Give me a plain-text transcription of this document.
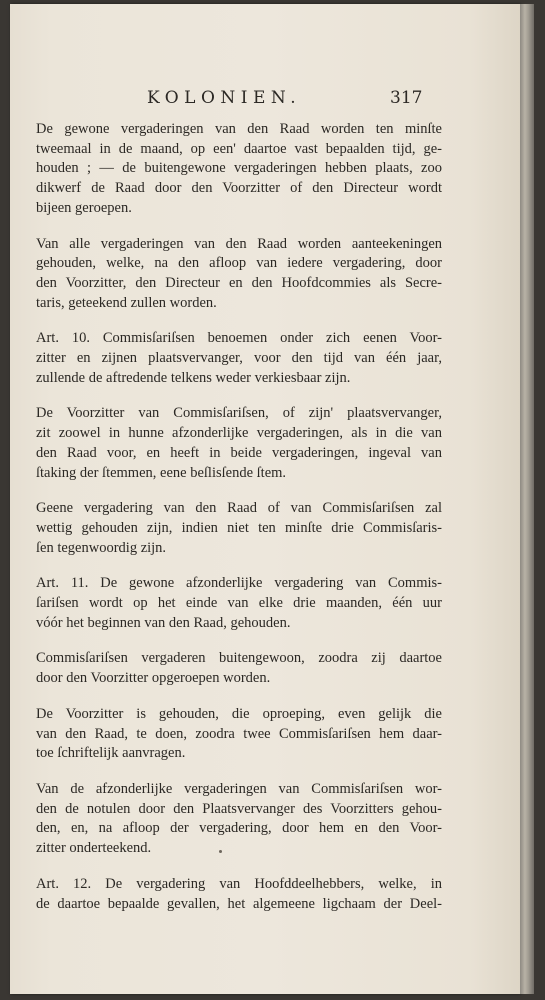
KOLONIEN.	317

De gewone vergaderingen van den Raad worden ten minſte
tweemaal in de maand, op een' daartoe vast bepaalden tijd, ge-
houden ; — de buitengewone vergaderingen hebben plaats, zoo
dikwerf de Raad door den Voorzitter of den Directeur wordt
bijeen geroepen.

Van alle vergaderingen van den Raad worden aanteekeningen
gehouden, welke, na den afloop van iedere vergadering, door
den Voorzitter, den Directeur en den Hoofdcommies als Secre-
taris, geteekend zullen worden.

Art. 10. Commisſariſsen benoemen onder zich eenen Voor-
zitter en zijnen plaatsvervanger, voor den tijd van één jaar,
zullende de aftredende telkens weder verkiesbaar zijn.

De Voorzitter van Commisſariſsen, of zijn' plaatsvervanger,
zit zoowel in hunne afzonderlijke vergaderingen, als in die van
den Raad voor, en heeft in beide vergaderingen, ingeval van
ſtaking der ſtemmen, eene beſlisſende ſtem.

Geene vergadering van den Raad of van Commisſariſsen zal
wettig gehouden zijn, indien niet ten minſte drie Commisſaris-
ſen tegenwoordig zijn.

Art. 11. De gewone afzonderlijke vergadering van Commis-
ſariſsen wordt op het einde van elke drie maanden, één uur
vóór het beginnen van den Raad, gehouden.

Commisſariſsen vergaderen buitengewoon, zoodra zij daartoe
door den Voorzitter opgeroepen worden.

De Voorzitter is gehouden, die oproeping, even gelijk die
van den Raad, te doen, zoodra twee Commisſariſsen hem daar-
toe ſchriftelijk aanvragen.

Van de afzonderlijke vergaderingen van Commisſariſsen wor-
den de notulen door den Plaatsvervanger des Voorzitters gehou-
den, en, na afloop der vergadering, door hem en den Voor-
zitter onderteekend.

Art. 12. De vergadering van Hoofddeelhebbers, welke, in
de daartoe bepaalde gevallen, het algemeene ligchaam der Deel-
